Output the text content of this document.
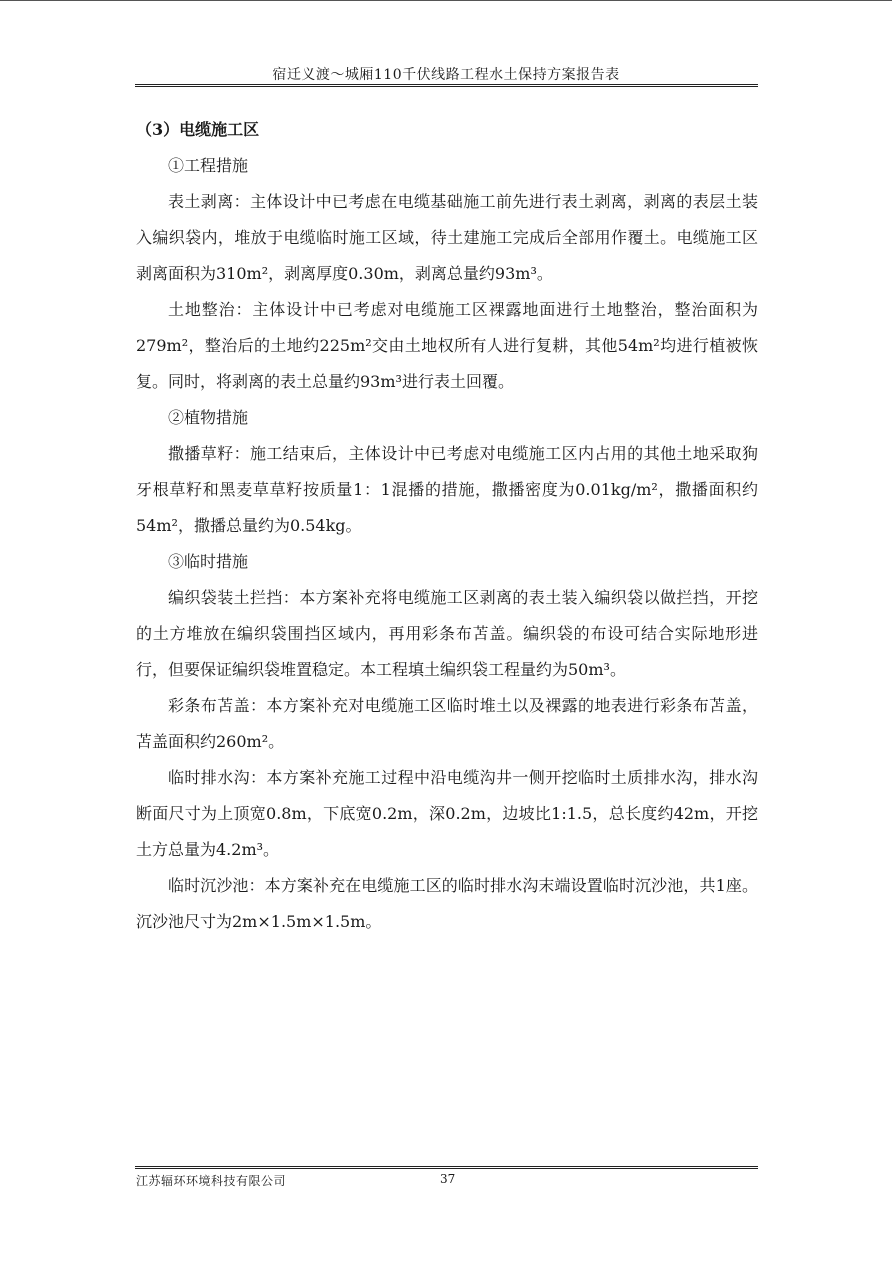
宿迁义渡～城厢110千伏线路工程水土保持方案报告表

（3）电缆施工区

①工程措施

表土剥离：主体设计中已考虑在电缆基础施工前先进行表土剥离，剥离的表层土装入编织袋内，堆放于电缆临时施工区域，待土建施工完成后全部用作覆土。电缆施工区剥离面积为310m²，剥离厚度0.30m，剥离总量约93m³。

土地整治：主体设计中已考虑对电缆施工区裸露地面进行土地整治，整治面积为279m²，整治后的土地约225m²交由土地权所有人进行复耕，其他54m²均进行植被恢复。同时，将剥离的表土总量约93m³进行表土回覆。

②植物措施

撒播草籽：施工结束后，主体设计中已考虑对电缆施工区内占用的其他土地采取狗牙根草籽和黑麦草草籽按质量1：1混播的措施，撒播密度为0.01kg/m²，撒播面积约54m²，撒播总量约为0.54kg。

③临时措施

编织袋装土拦挡：本方案补充将电缆施工区剥离的表土装入编织袋以做拦挡，开挖的土方堆放在编织袋围挡区域内，再用彩条布苫盖。编织袋的布设可结合实际地形进行，但要保证编织袋堆置稳定。本工程填土编织袋工程量约为50m³。

彩条布苫盖：本方案补充对电缆施工区临时堆土以及裸露的地表进行彩条布苫盖，苫盖面积约260m²。

临时排水沟：本方案补充施工过程中沿电缆沟井一侧开挖临时土质排水沟，排水沟断面尺寸为上顶宽0.8m，下底宽0.2m，深0.2m，边坡比1:1.5，总长度约42m，开挖土方总量为4.2m³。

临时沉沙池：本方案补充在电缆施工区的临时排水沟末端设置临时沉沙池，共1座。沉沙池尺寸为2m×1.5m×1.5m。

江苏辐环环境科技有限公司	37
